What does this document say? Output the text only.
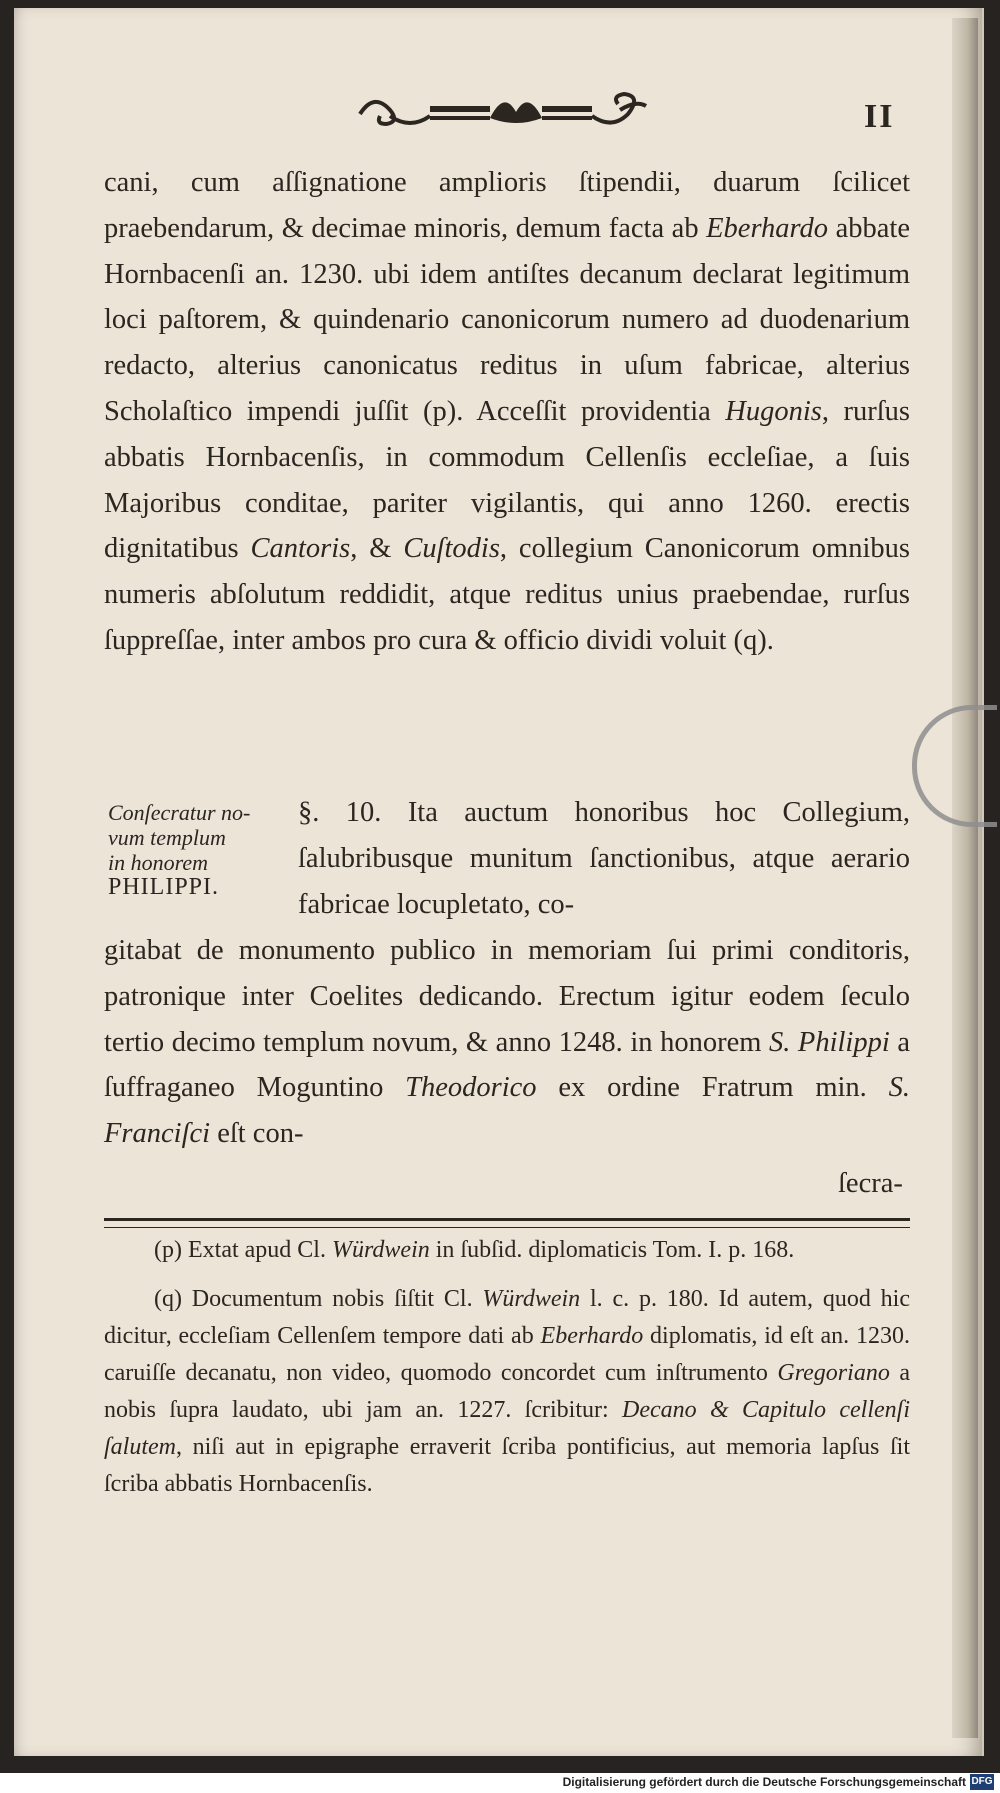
II

cani, cum aſſignatione amplioris ſtipendii, duarum ſcilicet praebendarum, & decimae minoris, demum facta ab Eberhardo abbate Hornbacenſi an. 1230. ubi idem antiſtes decanum declarat legitimum loci paſtorem, & quindenario canonicorum numero ad duodenarium redacto, alterius canonicatus reditus in uſum fabricae, alterius Scholaſtico impendi juſſit (p). Acceſſit providentia Hugonis, rurſus abbatis Hornbacenſis, in commodum Cellenſis eccleſiae, a ſuis Majoribus conditae, pariter vigilantis, qui anno 1260. erectis dignitatibus Cantoris, & Cuſtodis, collegium Canonicorum omnibus numeris abſolutum reddidit, atque reditus unius praebendae, rurſus ſuppreſſae, inter ambos pro cura & officio dividi voluit (q).

Conſecratur no-
vum templum
in honorem
PHILIPPI.

§. 10. Ita auctum honoribus hoc Collegium, ſalubribusque munitum ſanctionibus, atque aerario fabricae locupletato, co-

gitabat de monumento publico in memoriam ſui primi conditoris, patronique inter Coelites dedicando. Erectum igitur eodem ſeculo tertio decimo templum novum, & anno 1248. in honorem S. Philippi a ſuffraganeo Moguntino Theodorico ex ordine Fratrum min. S. Franciſci eſt con-

ſecra-

(p) Extat apud Cl. Würdwein in ſubſid. diplomaticis Tom. I. p. 168.

(q) Documentum nobis ſiſtit Cl. Würdwein l. c. p. 180. Id autem, quod hic dicitur, eccleſiam Cellenſem tempore dati ab Eberhardo diplomatis, id eſt an. 1230. caruiſſe decanatu, non video, quomodo concordet cum inſtrumento Gregoriano a nobis ſupra laudato, ubi jam an. 1227. ſcribitur: Decano & Capitulo cellenſi ſalutem, niſi aut in epigraphe erraverit ſcriba pontificius, aut memoria lapſus ſit ſcriba abbatis Hornbacenſis.

Digitalisierung gefördert durch die Deutsche Forschungsgemeinschaft DFG
